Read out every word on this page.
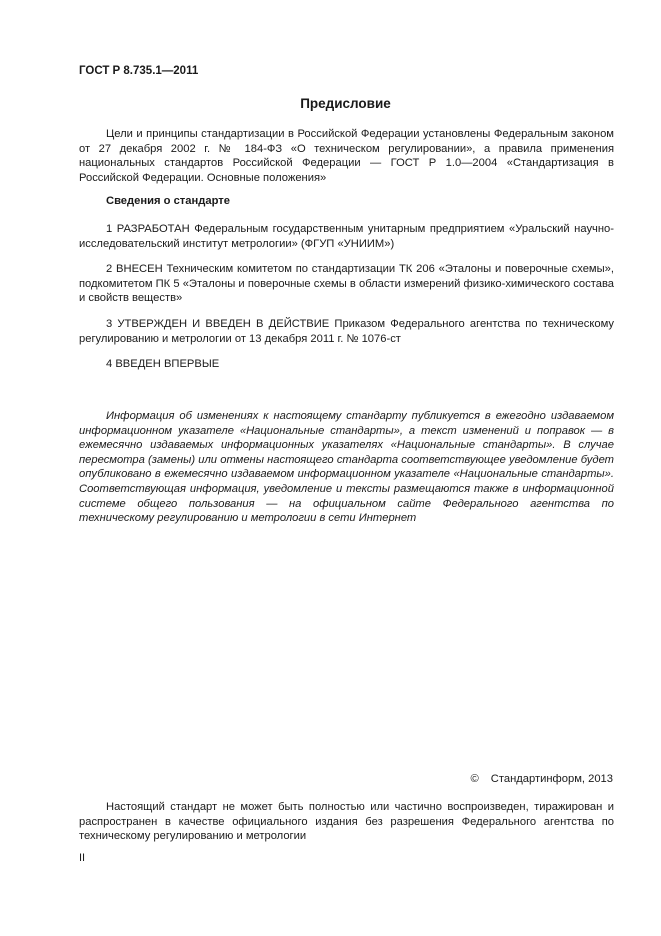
ГОСТ Р 8.735.1—2011
Предисловие
Цели и принципы стандартизации в Российской Федерации установлены Федеральным законом от 27 декабря 2002 г. № 184-ФЗ «О техническом регулировании», а правила применения национальных стандартов Российской Федерации — ГОСТ Р 1.0—2004 «Стандартизация в Российской Федерации. Основные положения»
Сведения о стандарте
1 РАЗРАБОТАН Федеральным государственным унитарным предприятием «Уральский научно-исследовательский институт метрологии» (ФГУП «УНИИМ»)
2 ВНЕСЕН Техническим комитетом по стандартизации ТК 206 «Эталоны и поверочные схемы», подкомитетом ПК 5 «Эталоны и поверочные схемы в области измерений физико-химического состава и свойств веществ»
3 УТВЕРЖДЕН И ВВЕДЕН В ДЕЙСТВИЕ Приказом Федерального агентства по техническому регулированию и метрологии от 13 декабря 2011 г. № 1076-ст
4 ВВЕДЕН ВПЕРВЫЕ
Информация об изменениях к настоящему стандарту публикуется в ежегодно издаваемом информационном указателе «Национальные стандарты», а текст изменений и поправок — в ежемесячно издаваемых информационных указателях «Национальные стандарты». В случае пересмотра (замены) или отмены настоящего стандарта соответствующее уведомление будет опубликовано в ежемесячно издаваемом информационном указателе «Национальные стандарты». Соответствующая информация, уведомление и тексты размещаются также в информационной системе общего пользования — на официальном сайте Федерального агентства по техническому регулированию и метрологии в сети Интернет
© Стандартинформ, 2013
Настоящий стандарт не может быть полностью или частично воспроизведен, тиражирован и распространен в качестве официального издания без разрешения Федерального агентства по техническому регулированию и метрологии
II
